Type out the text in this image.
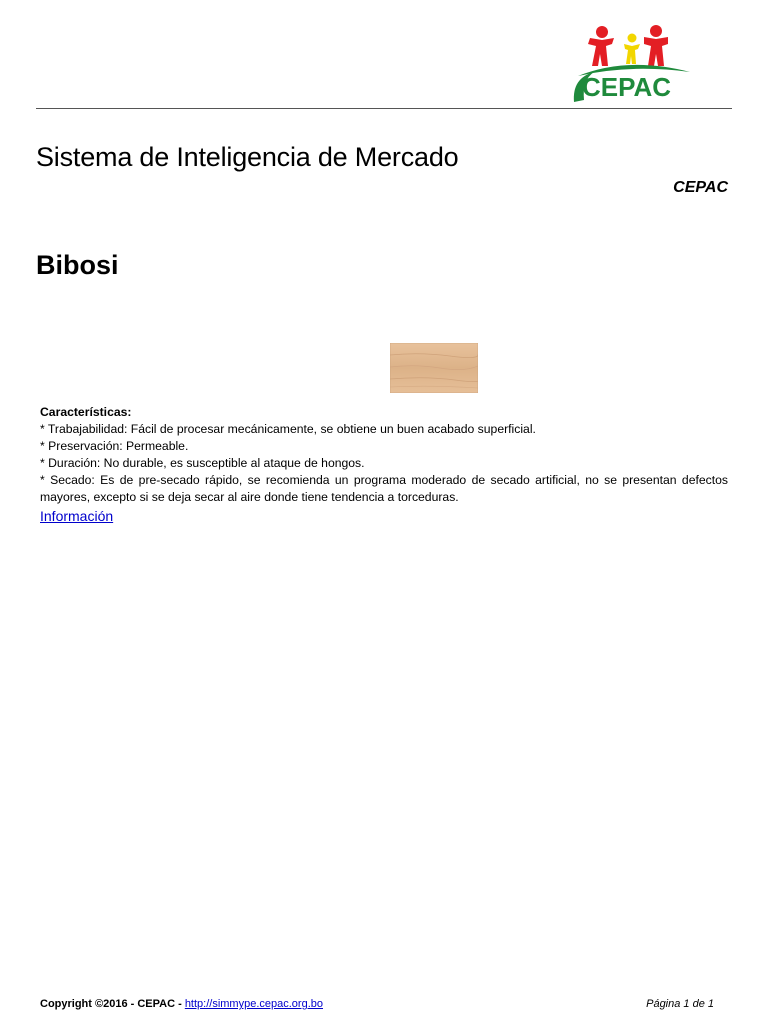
CEPAC
Sistema de Inteligencia de Mercado

CEPAC

Bibosi

Características:

* Trabajabilidad: Fácil de procesar mecánicamente, se obtiene un buen acabado superficial.

* Preservación: Permeable.

* Duración: No durable, es susceptible al ataque de hongos.

* Secado: Es de pre-secado rápido, se recomienda un programa moderado de secado artificial, no se presentan defectos mayores, excepto si se deja secar al aire donde tiene tendencia a torceduras.

Información
Copyright ©2016 - CEPAC - http://simmype.cepac.org.bo	Página 1 de 1
